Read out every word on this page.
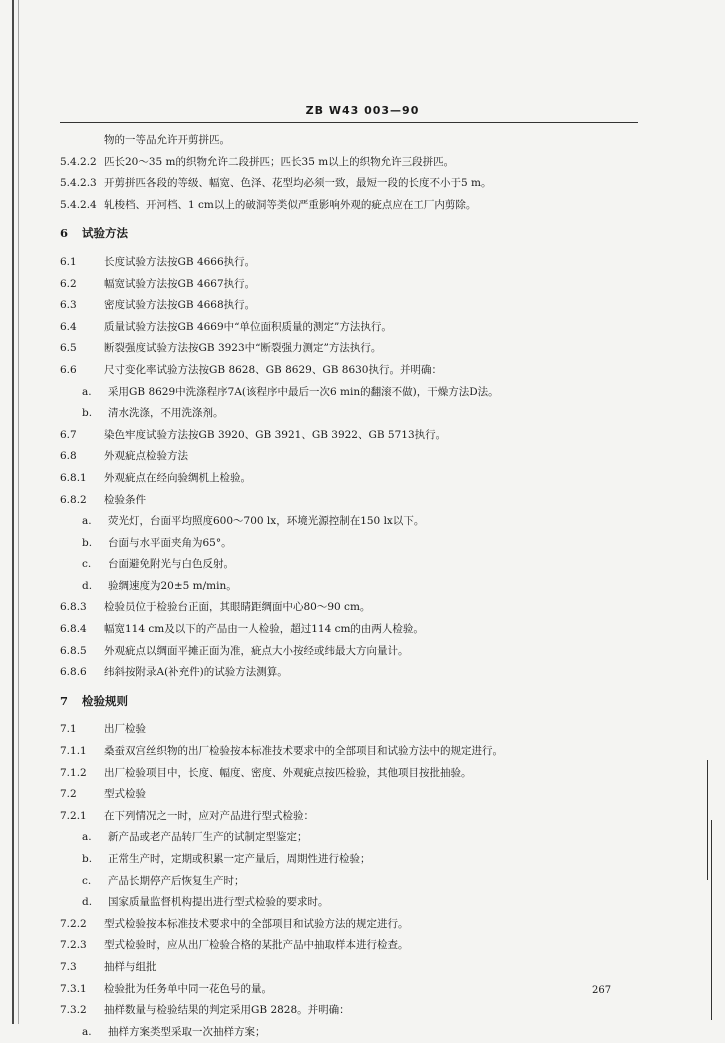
ZB W43 003—90
物的一等品允许开剪拼匹。
5.4.2.2 匹长20～35 m的织物允许二段拼匹；匹长35 m以上的织物允许三段拼匹。
5.4.2.3 开剪拼匹各段的等级、幅宽、色泽、花型均必须一致，最短一段的长度不小于5 m。
5.4.2.4 轧梭档、开河档、1 cm以上的破洞等类似严重影响外观的疵点应在工厂内剪除。
6 试验方法
6.1	长度试验方法按GB 4666执行。
6.2	幅宽试验方法按GB 4667执行。
6.3	密度试验方法按GB 4668执行。
6.4	质量试验方法按GB 4669中“单位面积质量的测定”方法执行。
6.5	断裂强度试验方法按GB 3923中“断裂强力测定”方法执行。
6.6	尺寸变化率试验方法按GB 8628、GB 8629、GB 8630执行。并明确：
a. 采用GB 8629中洗涤程序7A(该程序中最后一次6 min的翻滚不做)，干燥方法D法。
b. 清水洗涤，不用洗涤剂。
6.7	染色牢度试验方法按GB 3920、GB 3921、GB 3922、GB 5713执行。
6.8	外观疵点检验方法
6.8.1 外观疵点在经向验绸机上检验。
6.8.2 检验条件
a. 荧光灯，台面平均照度600～700 lx，环境光源控制在150 lx以下。
b. 台面与水平面夹角为65°。
c. 台面避免附光与白色反射。
d. 验绸速度为20±5 m/min。
6.8.3 检验员位于检验台正面，其眼睛距绸面中心80～90 cm。
6.8.4 幅宽114 cm及以下的产品由一人检验，超过114 cm的由两人检验。
6.8.5 外观疵点以绸面平摊正面为准，疵点大小按经或纬最大方向量计。
6.8.6 纬斜按附录A(补充件)的试验方法测算。
7 检验规则
7.1	出厂检验
7.1.1 桑蚕双宫丝织物的出厂检验按本标准技术要求中的全部项目和试验方法中的规定进行。
7.1.2 出厂检验项目中，长度、幅度、密度、外观疵点按匹检验，其他项目按批抽验。
7.2	型式检验
7.2.1 在下列情况之一时，应对产品进行型式检验：
a. 新产品或老产品转厂生产的试制定型鉴定；
b. 正常生产时，定期或积累一定产量后，周期性进行检验；
c. 产品长期停产后恢复生产时；
d. 国家质量监督机构提出进行型式检验的要求时。
7.2.2 型式检验按本标准技术要求中的全部项目和试验方法的规定进行。
7.2.3 型式检验时，应从出厂检验合格的某批产品中抽取样本进行检查。
7.3	抽样与组批
7.3.1 检验批为任务单中同一花色号的量。
7.3.2 抽样数量与检验结果的判定采用GB 2828。并明确：
a. 抽样方案类型采取一次抽样方案；
267
